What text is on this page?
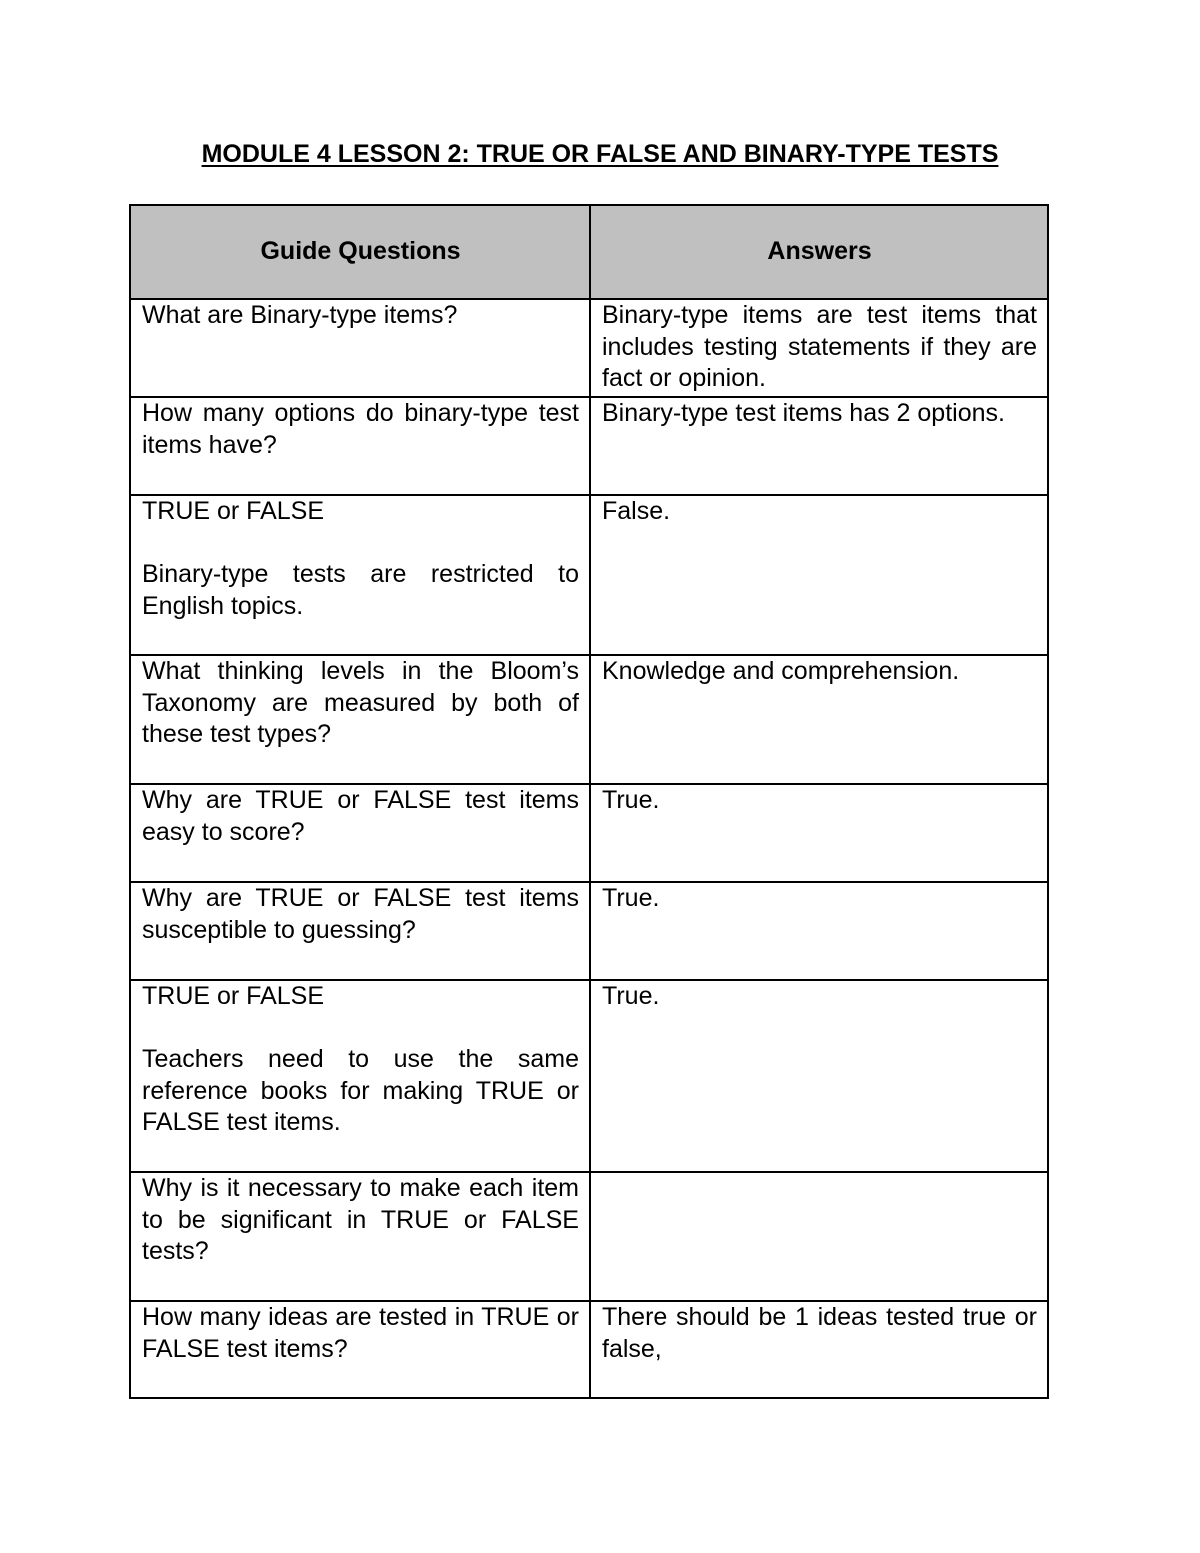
MODULE 4 LESSON 2: TRUE OR FALSE AND BINARY-TYPE TESTS
Guide Questions	Answers

What are Binary-type items?	Binary-type items are test items that includes testing statements if they are fact or opinion.

How many options do binary-type test items have?	Binary-type test items has 2 options.

TRUE or FALSE
Binary-type tests are restricted to English topics.	False.

What thinking levels in the Bloom’s Taxonomy are measured by both of these test types?	Knowledge and comprehension.

Why are TRUE or FALSE test items easy to score?	True.

Why are TRUE or FALSE test items susceptible to guessing?	True.

TRUE or FALSE
Teachers need to use the same reference books for making TRUE or FALSE test items.	True.

Why is it necessary to make each item to be significant in TRUE or FALSE tests?	

How many ideas are tested in TRUE or FALSE test items?	There should be 1 ideas tested true or false,
